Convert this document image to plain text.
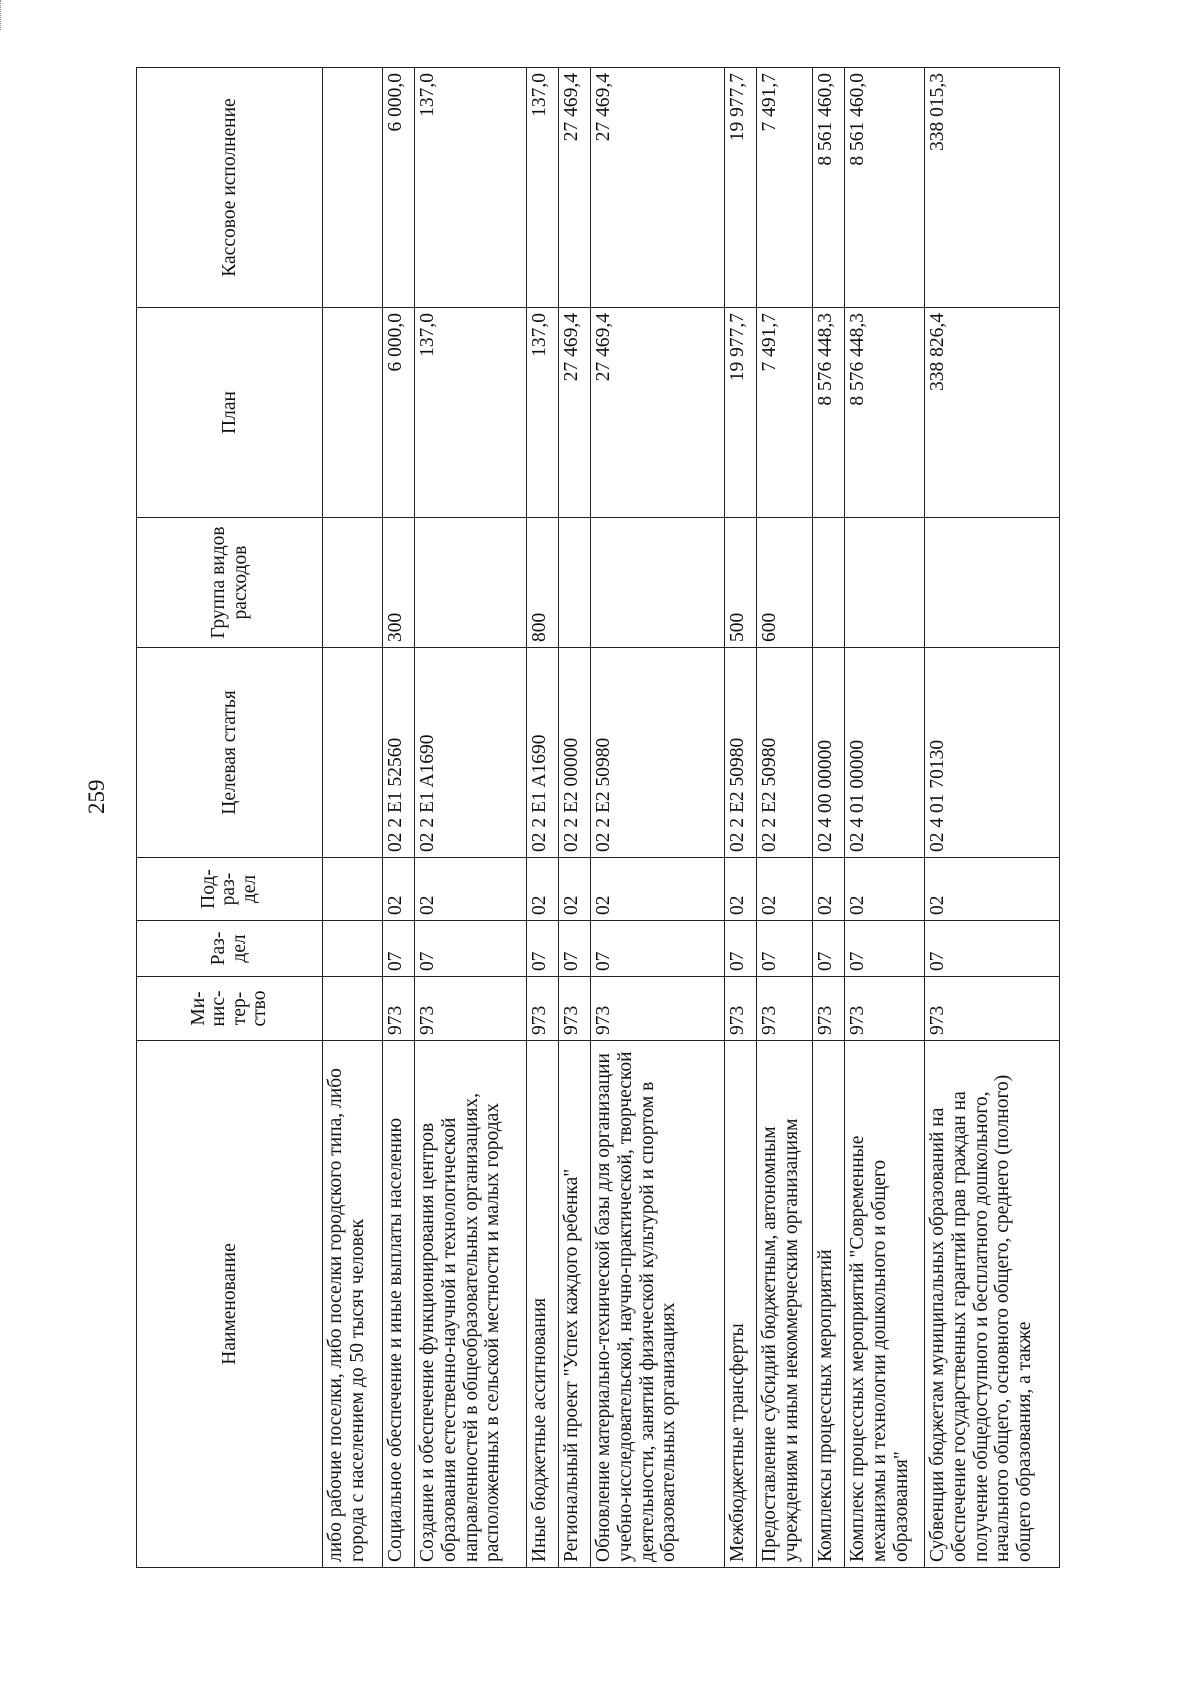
259
Наименование	Ми-нис-тер-ство	Раз-дел	Под-раз-дел	Целевая статья	Группа видов расходов	План	Кассовое исполнение
либо рабочие поселки, либо поселки городского типа, либо города с населением до 50 тысяч человек							
Социальное обеспечение и иные выплаты населению	973	07	02	02 2 E1 52560	300	6 000,0	6 000,0
Создание и обеспечение функционирования центров образования естественно-научной и технологической направленностей в общеобразовательных организациях, расположенных в сельской местности и малых городах	973	07	02	02 2 E1 A1690		137,0	137,0
Иные бюджетные ассигнования	973	07	02	02 2 E1 A1690	800	137,0	137,0
Региональный проект "Успех каждого ребенка"	973	07	02	02 2 E2 00000		27 469,4	27 469,4
Обновление материально-технической базы для организации учебно-исследовательской, научно-практической, творческой деятельности, занятий физической культурой и спортом в образовательных организациях	973	07	02	02 2 E2 50980		27 469,4	27 469,4
Межбюджетные трансферты	973	07	02	02 2 E2 50980	500	19 977,7	19 977,7
Предоставление субсидий бюджетным, автономным учреждениям и иным некоммерческим организациям	973	07	02	02 2 E2 50980	600	7 491,7	7 491,7
Комплексы процессных мероприятий	973	07	02	02 4 00 00000		8 576 448,3	8 561 460,0
Комплекс процессных мероприятий "Современные механизмы и технологии дошкольного и общего образования"	973	07	02	02 4 01 00000		8 576 448,3	8 561 460,0
Субвенции бюджетам муниципальных образований на обеспечение государственных гарантий прав граждан на получение общедоступного и бесплатного дошкольного, начального общего, основного общего, среднего (полного) общего образования, а также	973	07	02	02 4 01 70130		338 826,4	338 015,3
